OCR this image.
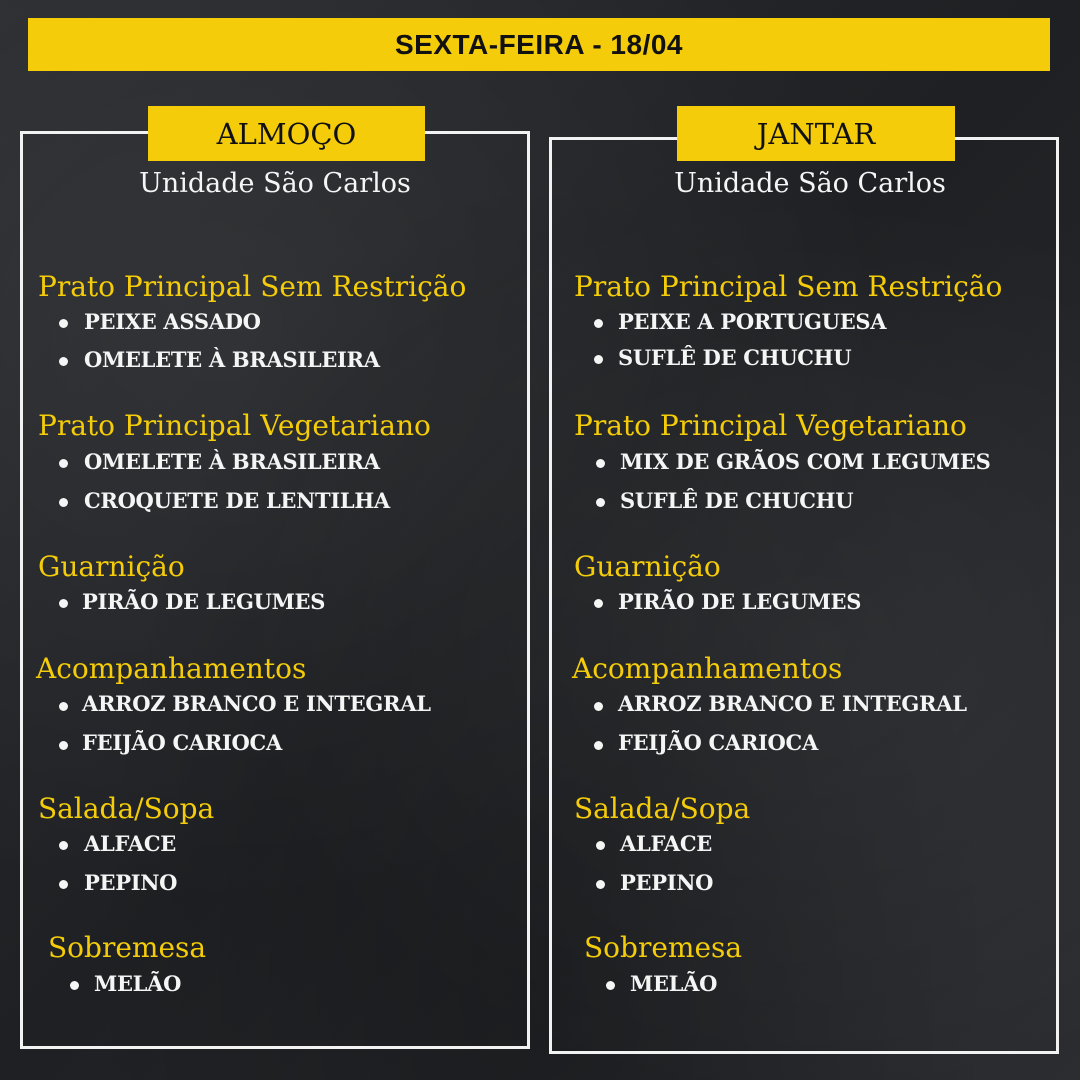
SEXTA-FEIRA - 18/04
ALMOÇO	JANTAR
Unidade São Carlos	Unidade São Carlos
Prato Principal Sem Restrição
PEIXE ASSADO
OMELETE À BRASILEIRA
Prato Principal Vegetariano
OMELETE À BRASILEIRA
CROQUETE DE LENTILHA
Guarnição
PIRÃO DE LEGUMES
Acompanhamentos
ARROZ BRANCO E INTEGRAL
FEIJÃO CARIOCA
Salada/Sopa
ALFACE
PEPINO
Sobremesa
MELÃO
Prato Principal Sem Restrição
PEIXE A PORTUGUESA
SUFLÊ DE CHUCHU
Prato Principal Vegetariano
MIX DE GRÃOS COM LEGUMES
SUFLÊ DE CHUCHU
Guarnição
PIRÃO DE LEGUMES
Acompanhamentos
ARROZ BRANCO E INTEGRAL
FEIJÃO CARIOCA
Salada/Sopa
ALFACE
PEPINO
Sobremesa
MELÃO
